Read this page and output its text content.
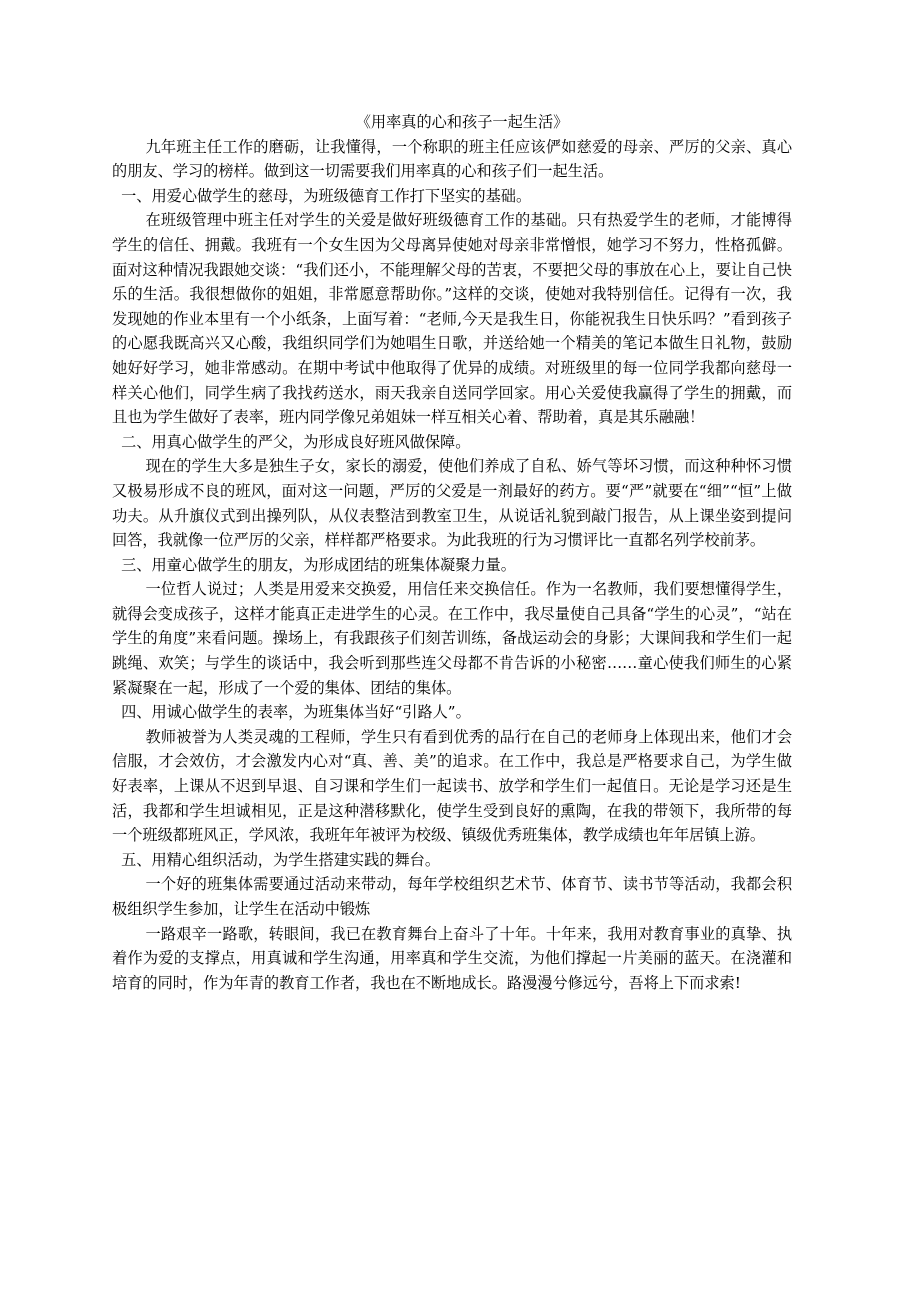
《用率真的心和孩子一起生活》

九年班主任工作的磨砺，让我懂得，一个称职的班主任应该俨如慈爱的母亲、严厉的父亲、真心的朋友、学习的榜样。做到这一切需要我们用率真的心和孩子们一起生活。

一、用爱心做学生的慈母，为班级德育工作打下坚实的基础。

在班级管理中班主任对学生的关爱是做好班级德育工作的基础。只有热爱学生的老师，才能博得学生的信任、拥戴。我班有一个女生因为父母离异使她对母亲非常憎恨，她学习不努力，性格孤僻。面对这种情况我跟她交谈：“我们还小，不能理解父母的苦衷，不要把父母的事放在心上，要让自己快乐的生活。我很想做你的姐姐，非常愿意帮助你。”这样的交谈，使她对我特别信任。记得有一次，我发现她的作业本里有一个小纸条，上面写着：“老师,今天是我生日，你能祝我生日快乐吗？”看到孩子的心愿我既高兴又心酸，我组织同学们为她唱生日歌，并送给她一个精美的笔记本做生日礼物，鼓励她好好学习，她非常感动。在期中考试中他取得了优异的成绩。对班级里的每一位同学我都向慈母一样关心他们，同学生病了我找药送水，雨天我亲自送同学回家。用心关爱使我赢得了学生的拥戴，而且也为学生做好了表率，班内同学像兄弟姐妹一样互相关心着、帮助着，真是其乐融融！

二、用真心做学生的严父，为形成良好班风做保障。

现在的学生大多是独生子女，家长的溺爱，使他们养成了自私、娇气等坏习惯，而这种种怀习惯又极易形成不良的班风，面对这一问题，严厉的父爱是一剂最好的药方。要“严”就要在“细”“恒”上做功夫。从升旗仪式到出操列队，从仪表整洁到教室卫生，从说话礼貌到敲门报告，从上课坐姿到提问回答，我就像一位严厉的父亲，样样都严格要求。为此我班的行为习惯评比一直都名列学校前茅。

三、用童心做学生的朋友，为形成团结的班集体凝聚力量。

一位哲人说过；人类是用爱来交换爱，用信任来交换信任。作为一名教师，我们要想懂得学生，就得会变成孩子，这样才能真正走进学生的心灵。在工作中，我尽量使自己具备“学生的心灵”，“站在学生的角度”来看问题。操场上，有我跟孩子们刻苦训练，备战运动会的身影；大课间我和学生们一起跳绳、欢笑；与学生的谈话中，我会听到那些连父母都不肯告诉的小秘密……童心使我们师生的心紧紧凝聚在一起，形成了一个爱的集体、团结的集体。

四、用诚心做学生的表率，为班集体当好“引路人”。

教师被誉为人类灵魂的工程师，学生只有看到优秀的品行在自己的老师身上体现出来，他们才会信服，才会效仿，才会激发内心对“真、善、美”的追求。在工作中，我总是严格要求自己，为学生做好表率，上课从不迟到早退、自习课和学生们一起读书、放学和学生们一起值日。无论是学习还是生活，我都和学生坦诚相见，正是这种潜移默化，使学生受到良好的熏陶，在我的带领下，我所带的每一个班级都班风正，学风浓，我班年年被评为校级、镇级优秀班集体，教学成绩也年年居镇上游。

五、用精心组织活动，为学生搭建实践的舞台。

一个好的班集体需要通过活动来带动，每年学校组织艺术节、体育节、读书节等活动，我都会积极组织学生参加，让学生在活动中锻炼

一路艰辛一路歌，转眼间，我已在教育舞台上奋斗了十年。十年来，我用对教育事业的真挚、执着作为爱的支撑点，用真诚和学生沟通，用率真和学生交流，为他们撑起一片美丽的蓝天。在浇灌和培育的同时，作为年青的教育工作者，我也在不断地成长。路漫漫兮修远兮，吾将上下而求索!
